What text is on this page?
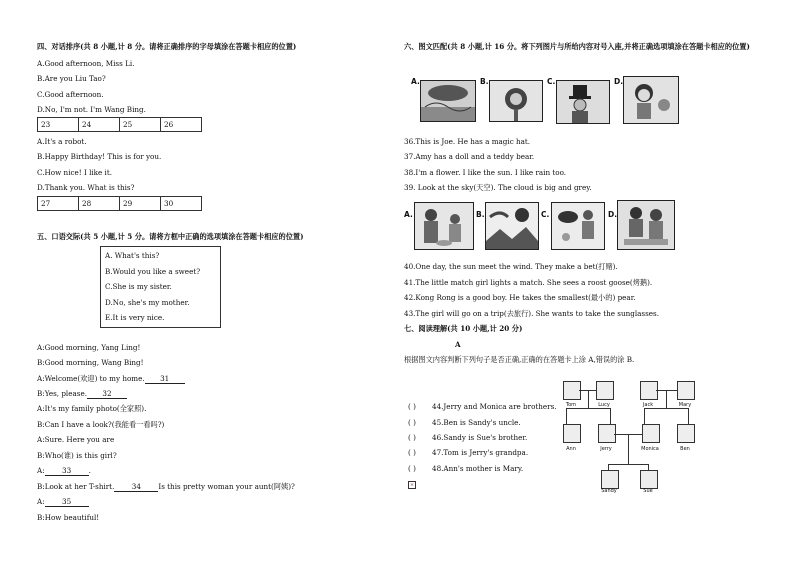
四、对话排序(共 8 小题,计 8 分。请将正确排序的字母填涂在答题卡相应的位置)
A.Good afternoon, Miss Li.
B.Are you Liu Tao?
C.Good afternoon.
D.No, I'm not. I'm Wang Bing.
23	24	25	26
A.It's a robot.
B.Happy Birthday! This is for you.
C.How nice! I like it.
D.Thank you. What is this?
27	28	29	30
五、口语交际(共 5 小题,计 5 分。请将方框中正确的选项填涂在答题卡相应的位置)
A. What's this?
B.Would you like a sweet?
C.She is my sister.
D.No, she's my mother.
E.It is very nice.
A:Good morning, Yang Ling!
B:Good morning, Wang Bing!
A:Welcome(欢迎) to my home. 31
B:Yes, please. 32
A:It's my family photo(全家照).
B:Can I have a look?(我能看一看吗?)
A:Sure. Here you are
B:Who(谁) is this girl?
A: 33 .
B:Look at her T-shirt. 34 Is this pretty woman your aunt(阿姨)?
A: 35
B:How beautiful!
六、图文匹配(共 8 小题,计 16 分。将下列图片与所给内容对号入座,并将正确选项填涂在答题卡相应的位置)
A.	B.	C.	D.
36.This is Joe. He has a magic hat.
37.Amy has a doll and a teddy bear.
38.I'm a flower. I like the sun. I like rain too.
39. Look at the sky(天空). The cloud is big and grey.
A.	B.	C.	D.
40.One day, the sun meet the wind. They make a bet(打赌).
41.The little match girl lights a match. She sees a roost goose(烤鹅).
42.Kong Rong is a good boy. He takes the smallest(最小的) pear.
43.The girl will go on a trip(去旅行). She wants to take the sunglasses.
七、阅读理解(共 10 小题,计 20 分)
A
根据图文内容判断下列句子是否正确,正确的在答题卡上涂 A,错误的涂 B.
( ) 44.Jerry and Monica are brothers.
( ) 45.Ben is Sandy's uncle.
( ) 46.Sandy is Sue's brother.
( ) 47.Tom is Jerry's grandpa.
( ) 48.Ann's mother is Mary.
×
Tom	Lucy	Jack	Mary
Ann	Jerry	Monica	Ben
Sandy	Sue
